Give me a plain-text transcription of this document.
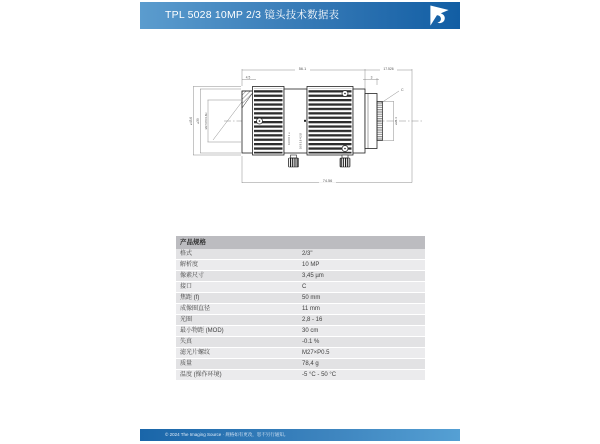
TPL 5028 10MP 2/3 镜头技术数据表
56.1	17.526
4.5	3
74.56
⌀43.6 ⌀39	M27×P0.5-6H	⌀25.4
C
0.3 0.5 1 ∞	16 8 5.6 4 2.8
产品规格
格式	2/3"
解析度	10 MP
像素尺寸	3,45 µm
接口	C
焦距 (f)	50 mm
成像圈直径	11 mm
光圈	2,8 - 16
最小物距 (MOD)	30 cm
失真	-0.1 %
滤光片螺纹	M27×P0.5
质量	78,4 g
温度 (操作环境)	-5 °C - 50 °C
© 2024 The Imaging Source · 规格如有更改，恕不另行通知。
